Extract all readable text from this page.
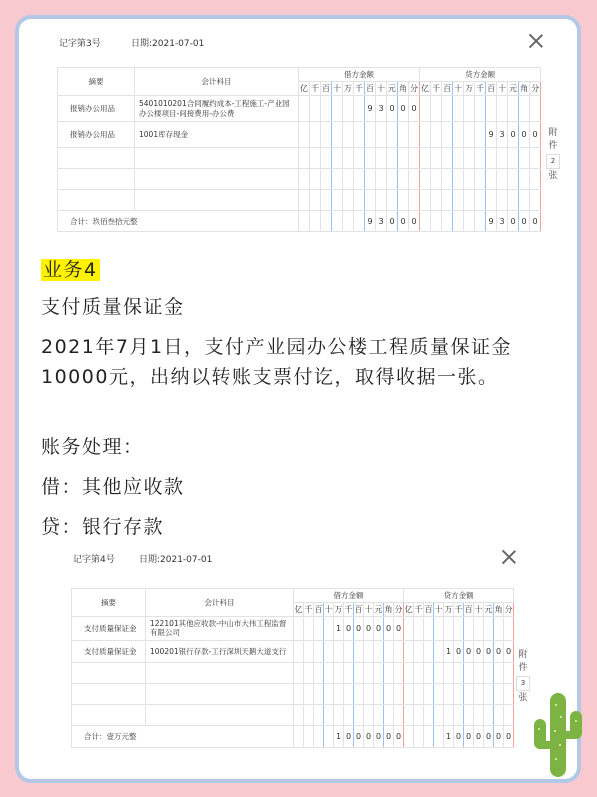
记字第3号	日期:2021-07-01
摘要	会计科目	借方金额											贷方金额										
		亿	千	百	十	万	千	百	十	元	角	分	亿	千	百	十	万	千	百	十	元	角	分
报销办公用品	5401010201合同履约成本-工程施工-产业园办公楼项目-间接费用-办公费							9	3	0	0	0											
报销办公用品	1001库存现金																		9	3	0	0	0

合计：玖佰叁拾元整								9	3	0	0	0							9	3	0	0	0
附
件
2
张
业务4
支付质量保证金
2021年7月1日，支付产业园办公楼工程质量保证金10000元，出纳以转账支票付讫，取得收据一张。
账务处理：
借：其他应收款
贷：银行存款
记字第4号	日期:2021-07-01
摘要	会计科目	借方金额											贷方金额										
		亿	千	百	十	万	千	百	十	元	角	分	亿	千	百	十	万	千	百	十	元	角	分
支付质量保证金	122101其他应收款-中山市大伟工程监督有限公司					1	0	0	0	0	0	0											
支付质量保证金	100201银行存款-工行深圳天鹅大道支行																1	0	0	0	0	0	0

合计：壹万元整						1	0	0	0	0	0	0					1	0	0	0	0	0	0
附
件
3
张
